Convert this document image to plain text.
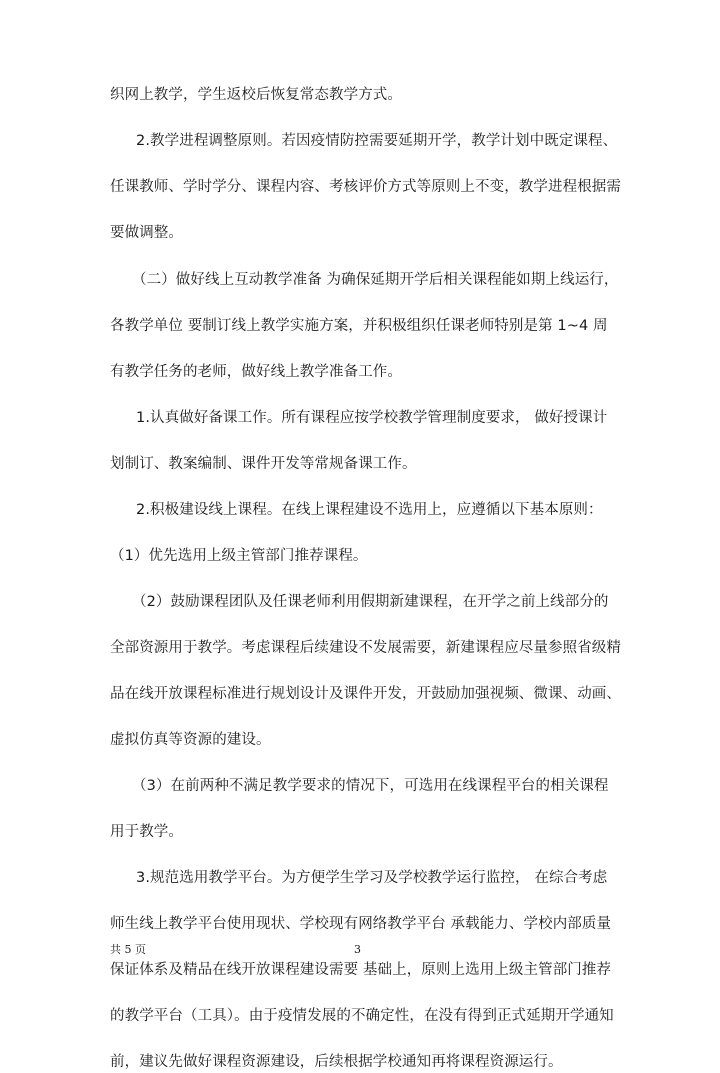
织网上教学，学生返校后恢复常态教学方式。
2.教学进程调整原则。若因疫情防控需要延期开学，教学计划中既定课程、
任课教师、学时学分、课程内容、考核评价方式等原则上不变，教学进程根据需
要做调整。
（二）做好线上互动教学准备 为确保延期开学后相关课程能如期上线运行，
各教学单位 要制订线上教学实施方案，并积极组织任课老师特别是第 1~4 周
有教学任务的老师，做好线上教学准备工作。
1.认真做好备课工作。所有课程应按学校教学管理制度要求， 做好授课计
划制订、教案编制、课件开发等常规备课工作。
2.积极建设线上课程。在线上课程建设不选用上，应遵循以下基本原则：
（1）优先选用上级主管部门推荐课程。
（2）鼓励课程团队及任课老师利用假期新建课程，在开学之前上线部分的
全部资源用于教学。考虑课程后续建设不发展需要，新建课程应尽量参照省级精
品在线开放课程标准进行规划设计及课件开发，开鼓励加强视频、微课、动画、
虚拟仿真等资源的建设。
（3）在前两种不满足教学要求的情况下，可选用在线课程平台的相关课程
用于教学。
3.规范选用教学平台。为方便学生学习及学校教学运行监控， 在综合考虑
师生线上教学平台使用现状、学校现有网络教学平台 承载能力、学校内部质量
保证体系及精品在线开放课程建设需要 基础上，原则上选用上级主管部门推荐
的教学平台（工具）。由于疫情发展的不确定性，在没有得到正式延期开学通知
前，建议先做好课程资源建设，后续根据学校通知再将课程资源运行。
共 5 页	3
